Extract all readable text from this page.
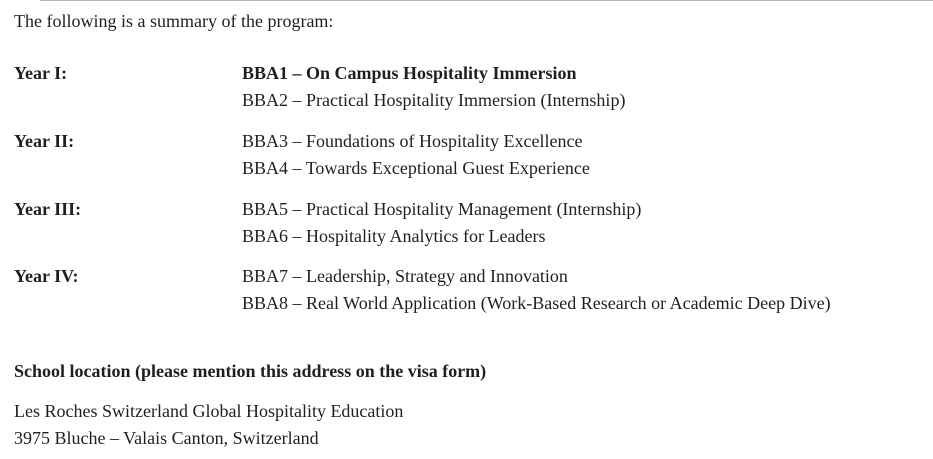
The following is a summary of the program:
Year I:	BBA1 – On Campus Hospitality Immersion
BBA2 – Practical Hospitality Immersion (Internship)
Year II:	BBA3 – Foundations of Hospitality Excellence
BBA4 – Towards Exceptional Guest Experience
Year III:	BBA5 – Practical Hospitality Management (Internship)
BBA6 – Hospitality Analytics for Leaders
Year IV:	BBA7 – Leadership, Strategy and Innovation
BBA8 – Real World Application (Work-Based Research or Academic Deep Dive)
School location (please mention this address on the visa form)
Les Roches Switzerland Global Hospitality Education
3975 Bluche – Valais Canton, Switzerland
